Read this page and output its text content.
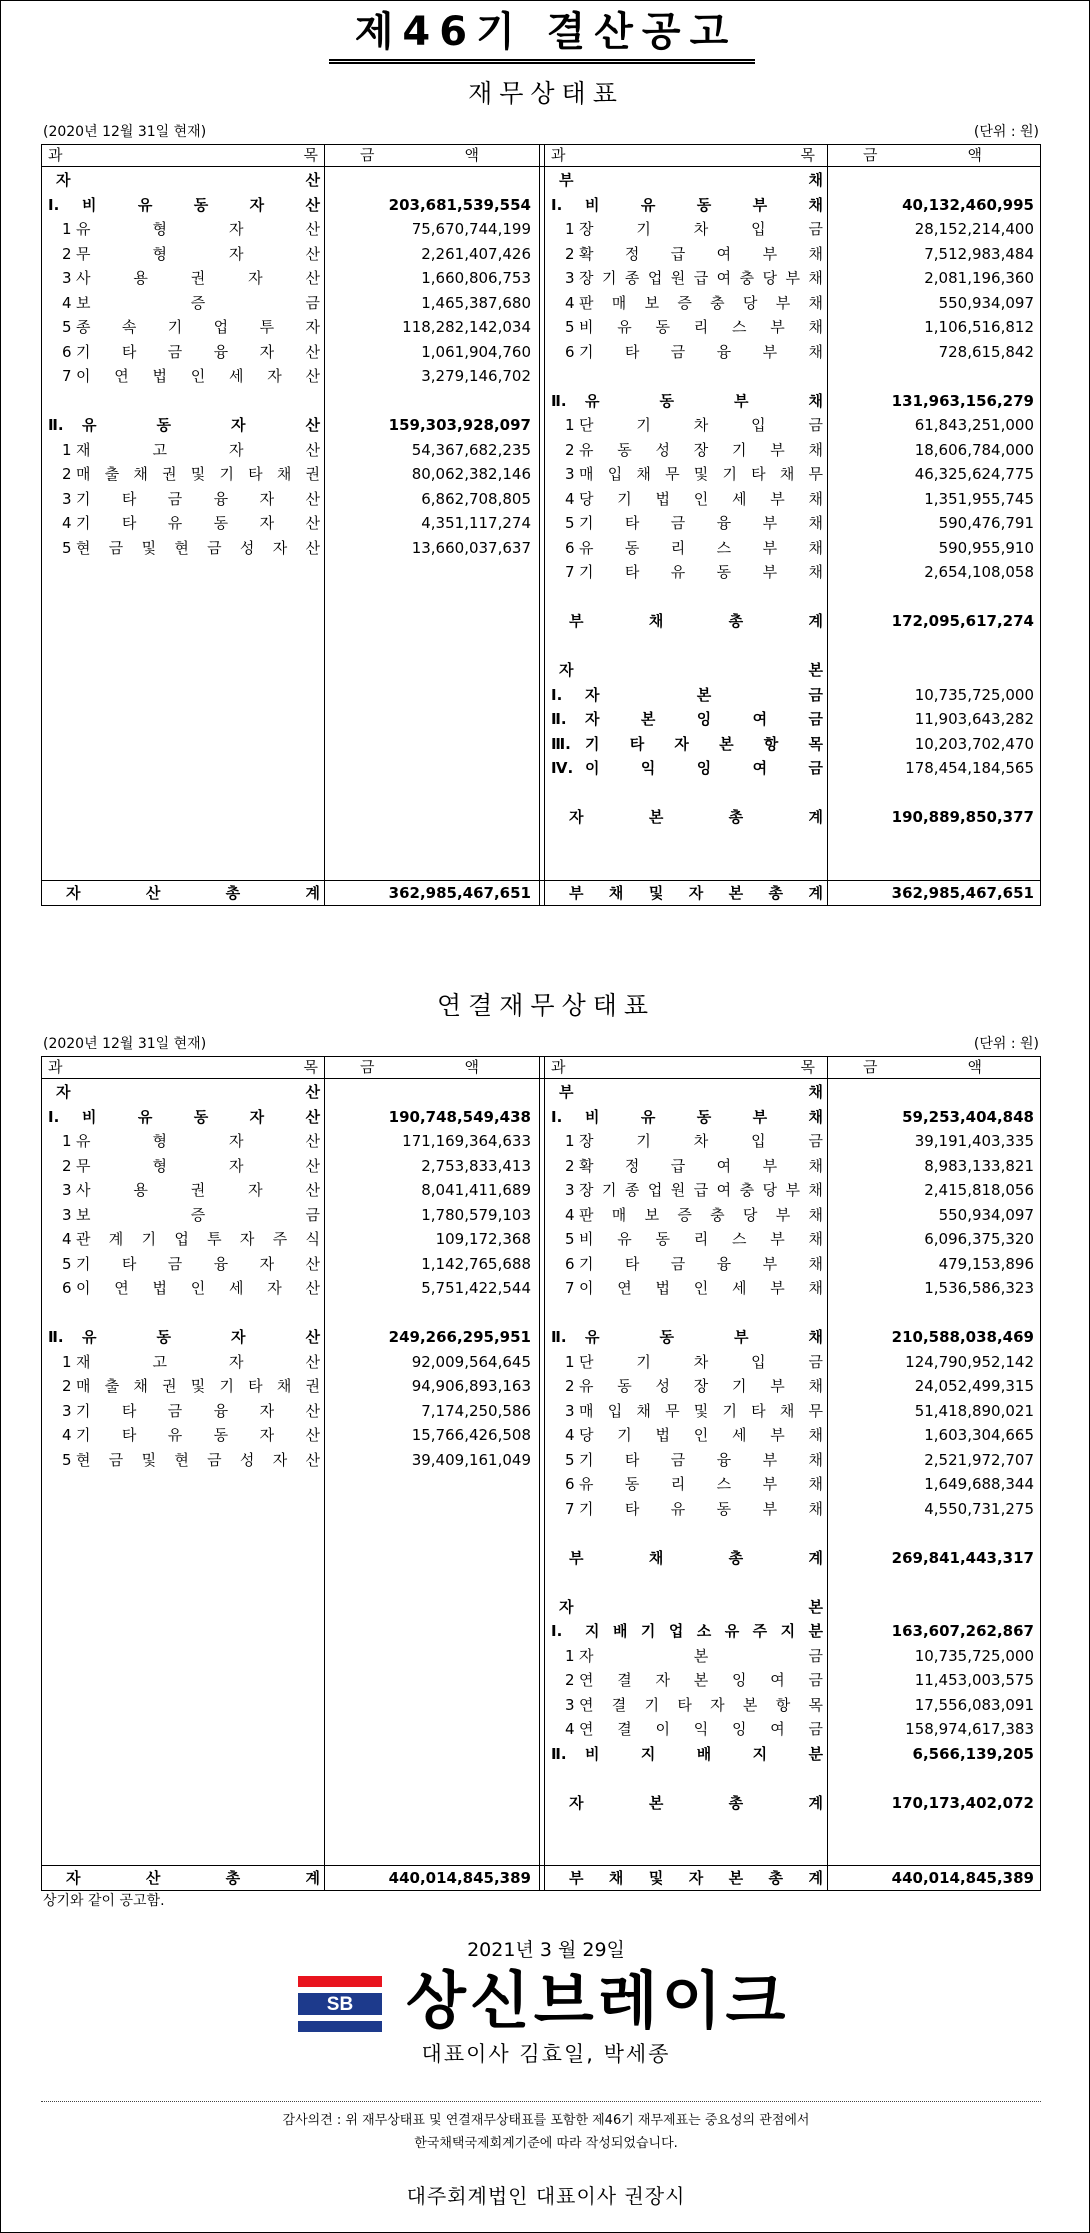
제46기 결산공고
재무상태표
(2020년 12월 31일 현재)	(단위 : 원)
과	목	과	목
금	액	금	액
자	산
Ⅰ. 비	유	동	자	산	203,681,539,554
1 유	형	자	산	75,670,744,199
2 무	형	자	산	2,261,407,426
3 사	용	권	자	산	1,660,806,753
4 보	증	금	1,465,387,680
5 종 속 기 업 투 자	118,282,142,034
6 기 타 금 융 자 산	1,061,904,760
7 이 연 법 인 세 자 산	3,279,146,702
Ⅱ. 유	동	자	산	159,303,928,097
1 재	고	자	산	54,367,682,235
2 매 출 채 권 및 기 타 채 권	80,062,382,146
3 기 타 금 융 자 산	6,862,708,805
4 기 타 유 동 자 산	4,351,117,274
5 현 금 및 현 금 성 자 산	13,660,037,637
부	채
Ⅰ. 비	유	동	부	채	40,132,460,995
1 장	기	차	입	금	28,152,214,400
2 확 정 급 여 부 채	7,512,983,484
3 장 기 종 업 원 급 여 충 당 부 채	2,081,196,360
4 판 매 보 증 충 당 부 채	550,934,097
5 비 유 동 리 스 부 채	1,106,516,812
6 기 타 금 융 부 채	728,615,842
Ⅱ. 유	동	부	채	131,963,156,279
1 단	기	차	입	금	61,843,251,000
2 유 동 성 장 기 부 채	18,606,784,000
3 매 입 채 무 및 기 타 채 무	46,325,624,775
4 당 기 법 인 세 부 채	1,351,955,745
5 기 타 금 융 부 채	590,476,791
6 유 동 리 스 부 채	590,955,910
7 기 타 유 동 부 채	2,654,108,058
부	채	총	계	172,095,617,274
자	본
Ⅰ. 자	본	금	10,735,725,000
Ⅱ. 자	본	잉	여	금	11,903,643,282
Ⅲ. 기 타 자 본 항 목	10,203,702,470
Ⅳ. 이	익	잉	여	금	178,454,184,565
자	본	총	계	190,889,850,377
자	산	총	계	362,985,467,651	부 채 및 자 본 총 계	362,985,467,651
연결재무상태표
(2020년 12월 31일 현재)	(단위 : 원)
과	목	과	목
금	액	금	액
자	산
Ⅰ. 비	유	동	자	산	190,748,549,438
1 유	형	자	산	171,169,364,633
2 무	형	자	산	2,753,833,413
3 사	용	권	자	산	8,041,411,689
3 보	증	금	1,780,579,103
4 관 계 기 업 투 자 주 식	109,172,368
5 기 타 금 융 자 산	1,142,765,688
6 이 연 법 인 세 자 산	5,751,422,544
Ⅱ. 유	동	자	산	249,266,295,951
1 재	고	자	산	92,009,564,645
2 매 출 채 권 및 기 타 채 권	94,906,893,163
3 기 타 금 융 자 산	7,174,250,586
4 기 타 유 동 자 산	15,766,426,508
5 현 금 및 현 금 성 자 산	39,409,161,049
부	채
Ⅰ. 비	유	동	부	채	59,253,404,848
1 장	기	차	입	금	39,191,403,335
2 확 정 급 여 부 채	8,983,133,821
3 장 기 종 업 원 급 여 충 당 부 채	2,415,818,056
4 판 매 보 증 충 당 부 채	550,934,097
5 비 유 동 리 스 부 채	6,096,375,320
6 기 타 금 융 부 채	479,153,896
7 이 연 법 인 세 부 채	1,536,586,323
Ⅱ. 유	동	부	채	210,588,038,469
1 단	기	차	입	금	124,790,952,142
2 유 동 성 장 기 부 채	24,052,499,315
3 매 입 채 무 및 기 타 채 무	51,418,890,021
4 당 기 법 인 세 부 채	1,603,304,665
5 기 타 금 융 부 채	2,521,972,707
6 유 동 리 스 부 채	1,649,688,344
7 기 타 유 동 부 채	4,550,731,275
부	채	총	계	269,841,443,317
자	본
Ⅰ. 지 배 기 업 소 유 주 지 분	163,607,262,867
1 자	본	금	10,735,725,000
2 연 결 자 본 잉 여 금	11,453,003,575
3 연 결 기 타 자 본 항 목	17,556,083,091
4 연 결 이 익 잉 여 금	158,974,617,383
Ⅱ. 비	지	배	지	분	6,566,139,205
자	본	총	계	170,173,402,072
자	산	총	계	440,014,845,389	부 채 및 자 본 총 계	440,014,845,389
상기와 같이 공고함.
2021년 3 월 29일
SB 상신브레이크
대표이사 김효일, 박세종
감사의견 : 위 재무상태표 및 연결재무상태표를 포함한 제46기 재무제표는 중요성의 관점에서
한국채택국제회계기준에 따라 작성되었습니다.
대주회계법인 대표이사 권장시
